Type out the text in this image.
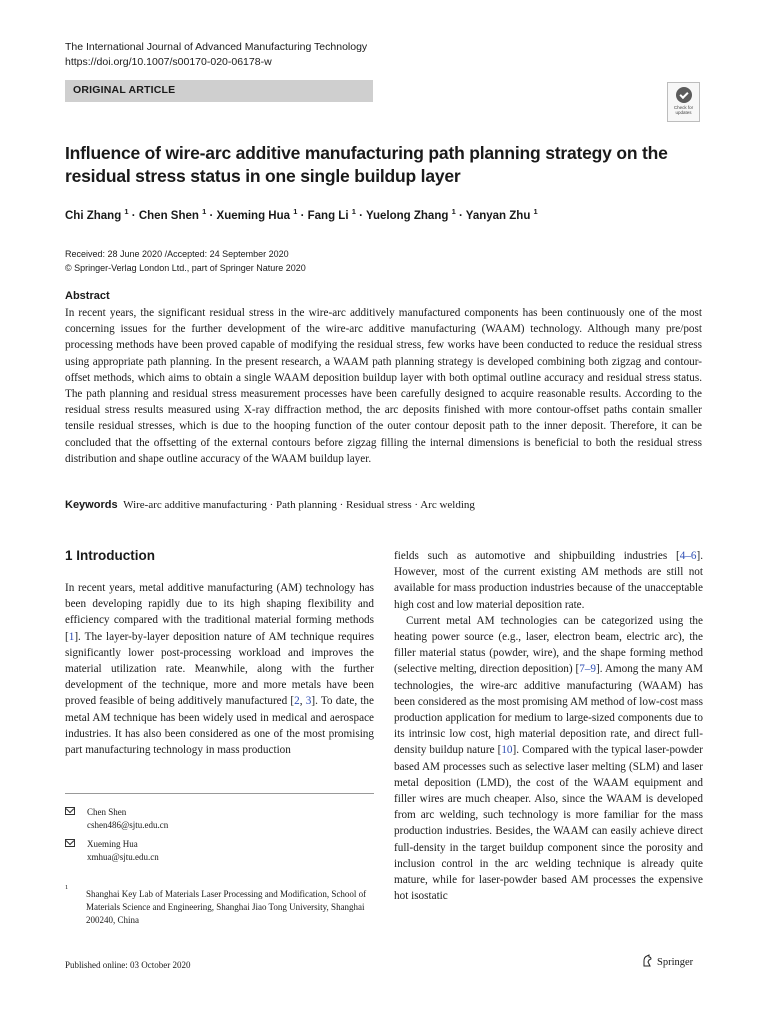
The International Journal of Advanced Manufacturing Technology
https://doi.org/10.1007/s00170-020-06178-w
ORIGINAL ARTICLE
Check for updates
Influence of wire-arc additive manufacturing path planning strategy on the residual stress status in one single buildup layer
Chi Zhang $^1$ · Chen Shen $^1$ · Xueming Hua $^1$ · Fang Li $^1$ · Yuelong Zhang $^1$ · Yanyan Zhu $^1$
Received: 28 June 2020 /Accepted: 24 September 2020
© Springer-Verlag London Ltd., part of Springer Nature 2020
Abstract

In recent years, the significant residual stress in the wire-arc additively manufactured components has been continuously one of the most concerning issues for the further development of the wire-arc additive manufacturing (WAAM) technology. Although many pre/post processing methods have been proved capable of modifying the residual stress, few works have been conducted to reduce the residual stress using appropriate path planning. In the present research, a WAAM path planning strategy is developed combining both zigzag and contour-offset methods, which aims to obtain a single WAAM deposition buildup layer with both optimal outline accuracy and residual stress status. The path planning and residual stress measurement processes have been carefully designed to acquire reasonable results. According to the residual stress results measured using X-ray diffraction method, the arc deposits finished with more contour-offset paths contain smaller tensile residual stresses, which is due to the hooping function of the outer contour deposit path to the inner deposit. Therefore, it can be concluded that the offsetting of the external contours before zigzag filling the internal dimensions is beneficial to both the residual stress distribution and shape outline accuracy of the WAAM buildup layer.

Keywords Wire-arc additive manufacturing · Path planning · Residual stress · Arc welding
1 Introduction

In recent years, metal additive manufacturing (AM) technology has been developing rapidly due to its high shaping flexibility and efficiency compared with the traditional material forming methods [1]. The layer-by-layer deposition nature of AM technique requires significantly lower post-processing workload and improves the material utilization rate. Meanwhile, along with the further development of the technique, more and more metals have been proved feasible of being additively manufactured [2, 3]. To date, the metal AM technique has been widely used in medical and aerospace industries. It has also been considered as one of the most promising part manufacturing technology in mass production

fields such as automotive and shipbuilding industries [4–6]. However, most of the current existing AM methods are still not available for mass production industries because of the unacceptable high cost and low material deposition rate.

Current metal AM technologies can be categorized using the heating power source (e.g., laser, electron beam, electric arc), the filler material status (powder, wire), and the shape forming method (selective melting, direction deposition) [7–9]. Among the many AM technologies, the wire-arc additive manufacturing (WAAM) has been considered as the most promising AM method of low-cost mass production application for medium to large-sized components due to its intrinsic low cost, high material deposition rate, and direct full-density buildup nature [10]. Compared with the typical laser-powder based AM processes such as selective laser melting (SLM) and laser metal deposition (LMD), the cost of the WAAM equipment and filler wires are much cheaper. Also, since the WAAM is developed from arc welding, such technology is more familiar for the mass production industries. Besides, the WAAM can easily achieve direct full-density in the target buildup component since the porosity and inclusion control in the arc welding technique is already quite mature, while for laser-powder based AM processes the expensive hot isostatic

Chen Shen
cshen486@sjtu.edu.cn
Xueming Hua
xmhua@sjtu.edu.cn
1
Shanghai Key Lab of Materials Laser Processing and Modification, School of Materials Science and Engineering, Shanghai Jiao Tong University, Shanghai 200240, China
Published online: 03 October 2020	Springer
